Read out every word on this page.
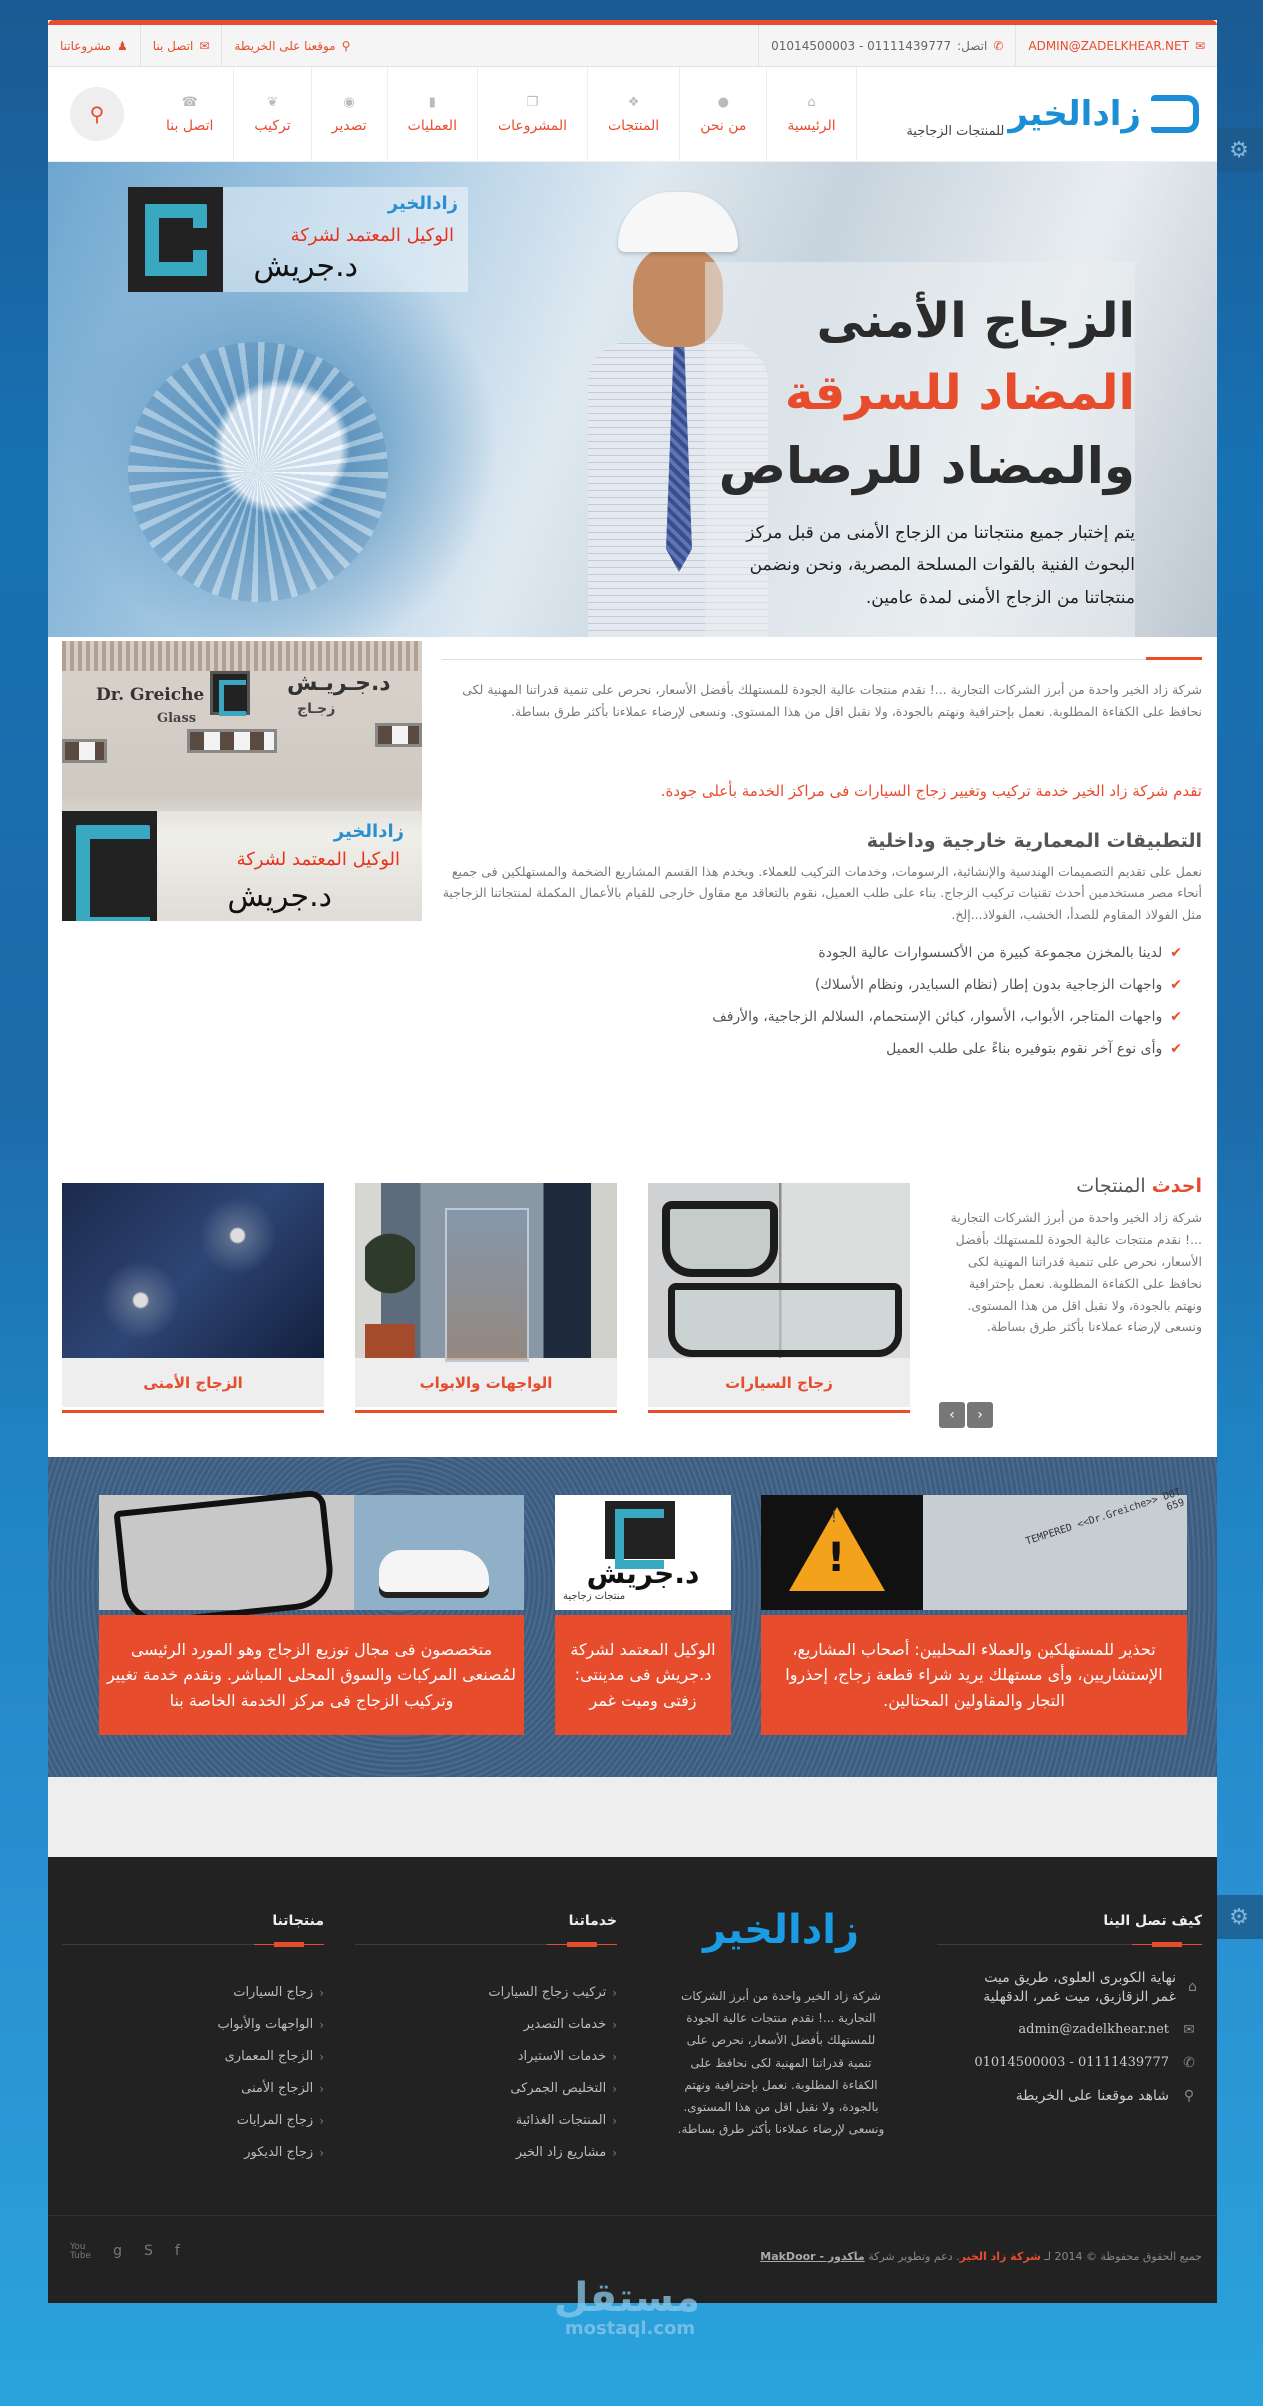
⚙
⚙
✉
ADMIN@ZADELKHEAR.NET
✆
اتصل:
01111439777 - 01014500003
⚲
موقعنا على الخريطة
✉
اتصل بنا
♟
مشروعاتنا
زادالخير
للمنتجات الزجاجية
⌂
الرئيسية
●
من نحن
❖
المنتجات
❐
المشروعات
▮
العمليات
◉
تصدير
❦
تركيب
☎
اتصل بنا
⚲
زادالخير
الوكيل المعتمد لشركة
د.جريش
الزجاج الأمنى
المضاد للسرقة
والمضاد للرصاص
يتم إختبار جميع منتجاتنا من الزجاج الأمنى من قبل مركز البحوث الفنية بالقوات المسلحة المصرية، ونحن ونضمن منتجاتنا من الزجاج الأمنى لمدة عامين.

شركة زاد الخير واحدة من أبرز الشركات التجارية ...! نقدم منتجات عالية الجودة للمستهلك بأفضل الأسعار، نحرص على تنمية قدراتنا المهنية لكى نحافظ على الكفاءة المطلوبة. نعمل بإحترافية ونهتم بالجودة، ولا نقبل اقل من هذا المستوى. ونسعى لإرضاء عملاءنا بأكثر طرق بساطة.

تقدم شركة زاد الخير خدمة تركيب وتغيير زجاج السيارات فى مراكز الخدمة بأعلى جودة.
التطبيقات المعمارية خارجية وداخلية

نعمل على تقديم التصميمات الهندسية والإنشائية، الرسومات، وخدمات التركيب للعملاء. ويخدم هذا القسم المشاريع الضخمة والمستهلكين فى جميع أنحاء مصر مستخدمين أحدث تقنيات تركيب الزجاج. بناء على طلب العميل، نقوم بالتعاقد مع مقاول خارجى للقيام بالأعمال المكملة لمنتجاتنا الزجاجية مثل الفولاذ المقاوم للصدأ، الخشب، الفولاذ...إلخ.

✔
لدينا بالمخزن مجموعة كبيرة من الأكسسوارات عالية الجودة
✔
واجهات الزجاجية بدون إطار (نظام السبايدر، ونظام الأسلاك)
✔
واجهات المتاجر، الأبواب، الأسوار، كبائن الإستحمام، السلالم الزجاجية، والأرفف
✔
وأى نوع آخر نقوم بتوفيره بناءً على طلب العميل
Dr. Greiche
Glass
د.جـريـش
زجـاج
زادالخير
الوكيل المعتمد لشركة
د.جريش
احدث المنتجات

شركة زاد الخير واحدة من أبرز الشركات التجارية ...! نقدم منتجات عالية الجودة للمستهلك بأفضل الأسعار، نحرص على تنمية قدراتنا المهنية لكى نحافظ على الكفاءة المطلوبة. نعمل بإحترافية ونهتم بالجودة، ولا نقبل اقل من هذا المستوى. ونسعى لإرضاء عملاءنا بأكثر طرق بساطة.

‹ ›
زجاج السيارات
الواجهات والابواب
الزجاج الأمنى
! !
TEMPERED <<Dr.Greiche>> DOT 659
تحذير للمستهلكين والعملاء المحليين: أصحاب المشاريع، الإستشاريين، وأى مستهلك يريد شراء قطعة زجاج، إحذروا التجار والمقاولين المحتالين.
د.جريش
منتجات زجاجية
الوكيل المعتمد لشركة د.جريش فى مدينتى: زفتى وميت غمر
متخصصون فى مجال توزيع الزجاج وهو المورد الرئيسى لمُصنعى المركبات والسوق المحلى المباشر. ونقدم خدمة تغيير وتركيب الزجاج فى مركز الخدمة الخاصة بنا
كيف تصل الينا
⌂
نهاية الكوبرى العلوى، طريق ميت غمر الزقازيق، ميت غمر، الدقهلية
✉
admin@zadelkhear.net
✆
01111439777 - 01014500003
⚲
شاهد موقعنا على الخريطة
زادالخير

شركة زاد الخير واحدة من أبرز الشركات التجارية ...! نقدم منتجات عالية الجودة للمستهلك بأفضل الأسعار، نحرص على تنمية قدراتنا المهنية لكى نحافظ على الكفاءة المطلوبة. نعمل بإحترافية ونهتم بالجودة، ولا نقبل اقل من هذا المستوى. ونسعى لإرضاء عملاءنا بأكثر طرق بساطة.

خدماتنا
‹
تركيب زجاج السيارات
‹
خدمات التصدير
‹
خدمات الاستيراد
‹
التخليص الجمركى
‹
المنتجات الغذائية
‹
مشاريع زاد الخير
منتجاتنا
‹
زجاج السيارات
‹
الواجهات والأبواب
‹
الزجاج المعمارى
‹
الزجاج الأمنى
‹
زجاج المرايات
‹
زجاج الديكور
جميع الحقوق محفوظة © 2014 لـ شركة زاد الخير. دعم وتطوير شركة ماكدور - MakDoor
You
Tube g S f
مستقل
mostaql.com
